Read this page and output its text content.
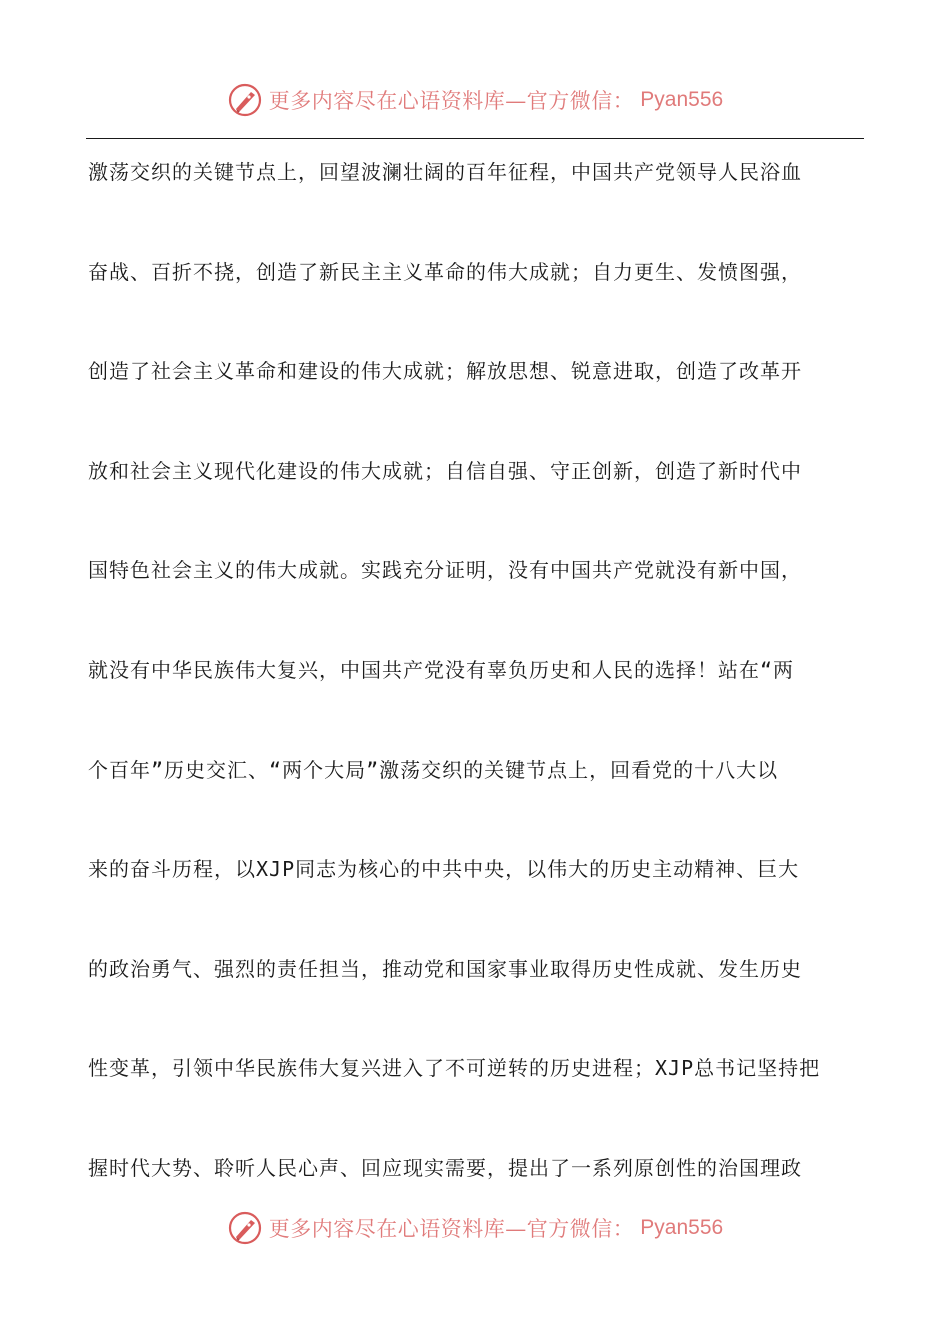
更多内容尽在心语资料库—官方微信： Pyan556
激荡交织的关键节点上，回望波澜壮阔的百年征程，中国共产党领导人民浴血
奋战、百折不挠，创造了新民主主义革命的伟大成就；自力更生、发愤图强，
创造了社会主义革命和建设的伟大成就；解放思想、锐意进取，创造了改革开
放和社会主义现代化建设的伟大成就；自信自强、守正创新，创造了新时代中
国特色社会主义的伟大成就。实践充分证明，没有中国共产党就没有新中国，
就没有中华民族伟大复兴，中国共产党没有辜负历史和人民的选择！站在“两
个百年”历史交汇、“两个大局”激荡交织的关键节点上，回看党的十八大以
来的奋斗历程，以XJP同志为核心的中共中央，以伟大的历史主动精神、巨大
的政治勇气、强烈的责任担当，推动党和国家事业取得历史性成就、发生历史
性变革，引领中华民族伟大复兴进入了不可逆转的历史进程；XJP总书记坚持把
握时代大势、聆听人民心声、回应现实需要，提出了一系列原创性的治国理政
更多内容尽在心语资料库—官方微信： Pyan556
